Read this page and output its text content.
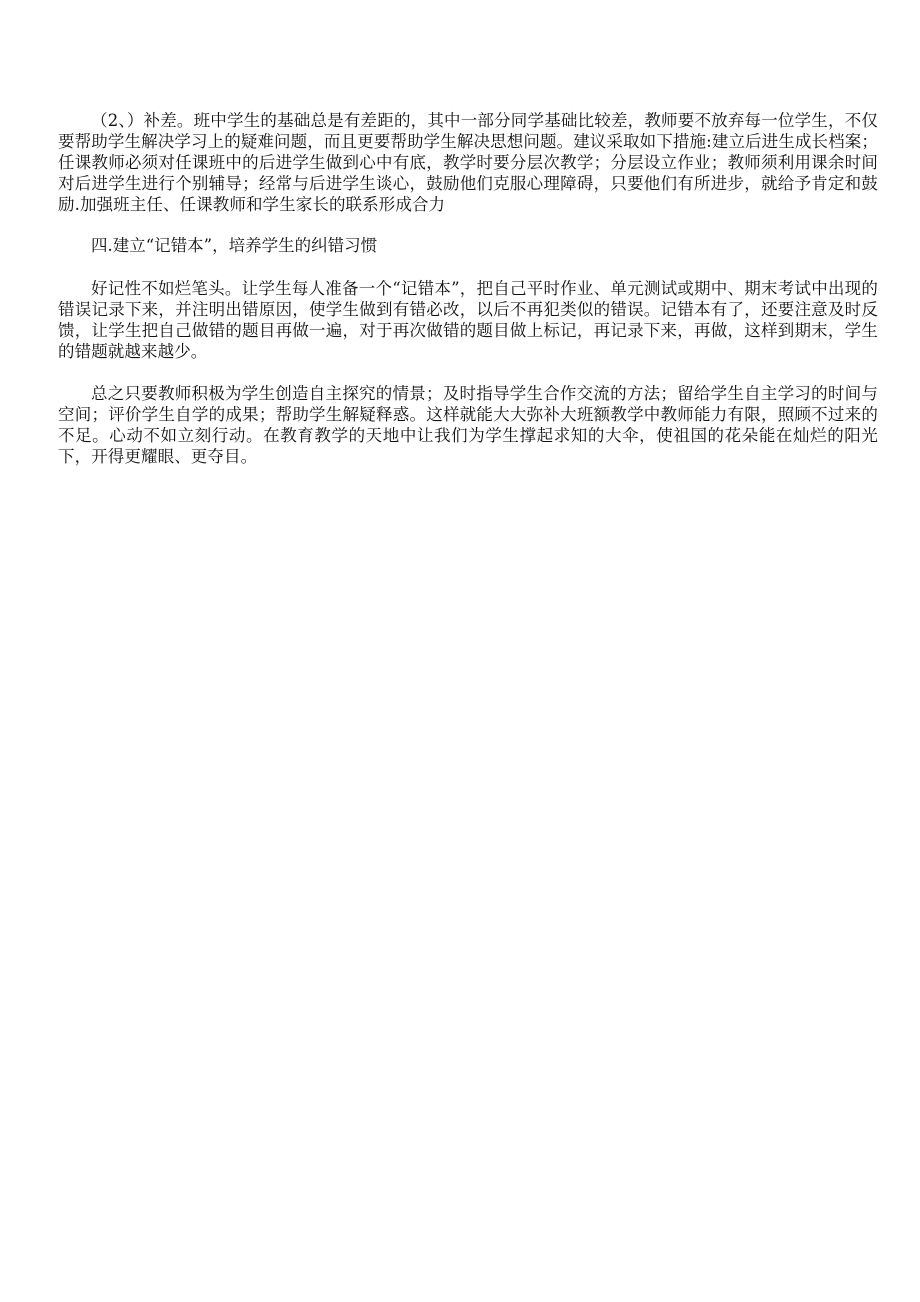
（2、）补差。班中学生的基础总是有差距的，其中一部分同学基础比较差，教师要不放弃每一位学生，不仅要帮助学生解决学习上的疑难问题，而且更要帮助学生解决思想问题。建议采取如下措施:建立后进生成长档案；任课教师必须对任课班中的后进学生做到心中有底，教学时要分层次教学；分层设立作业；教师须利用课余时间对后进学生进行个别辅导；经常与后进学生谈心，鼓励他们克服心理障碍，只要他们有所进步，就给予肯定和鼓励.加强班主任、任课教师和学生家长的联系形成合力

四.建立“记错本”，培养学生的纠错习惯

好记性不如烂笔头。让学生每人准备一个“记错本”，把自己平时作业、单元测试或期中、期末考试中出现的错误记录下来，并注明出错原因，使学生做到有错必改，以后不再犯类似的错误。记错本有了，还要注意及时反馈，让学生把自己做错的题目再做一遍，对于再次做错的题目做上标记，再记录下来，再做，这样到期末，学生的错题就越来越少。

总之只要教师积极为学生创造自主探究的情景；及时指导学生合作交流的方法；留给学生自主学习的时间与空间；评价学生自学的成果；帮助学生解疑释惑。这样就能大大弥补大班额教学中教师能力有限，照顾不过来的不足。心动不如立刻行动。在教育教学的天地中让我们为学生撑起求知的大伞，使祖国的花朵能在灿烂的阳光下，开得更耀眼、更夺目。
